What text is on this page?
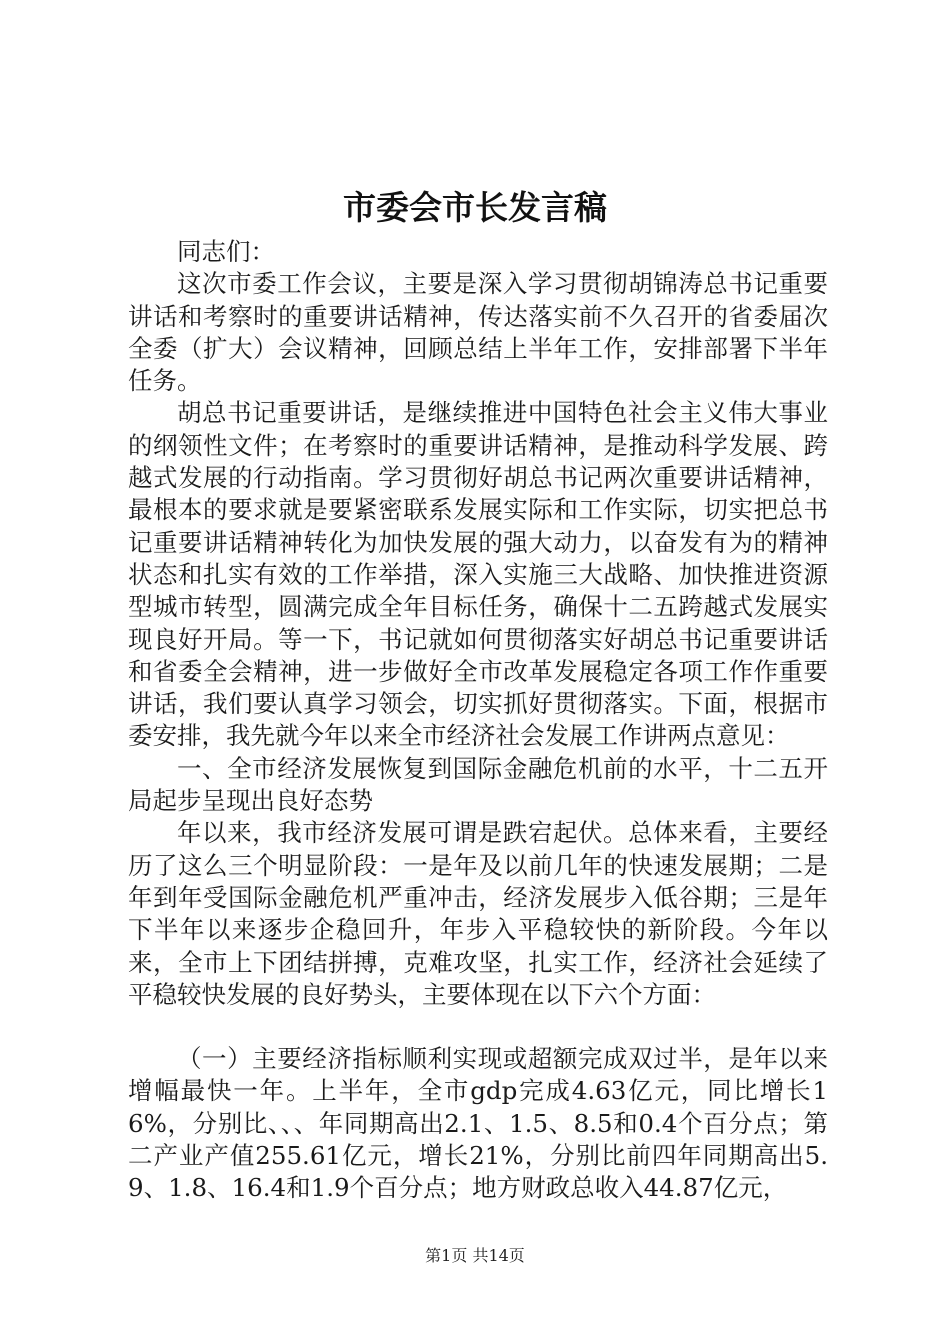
市委会市长发言稿

同志们：

这次市委工作会议，主要是深入学习贯彻胡锦涛总书记重要讲话和考察时的重要讲话精神，传达落实前不久召开的省委届次全委（扩大）会议精神，回顾总结上半年工作，安排部署下半年任务。

胡总书记重要讲话，是继续推进中国特色社会主义伟大事业的纲领性文件；在考察时的重要讲话精神，是推动科学发展、跨越式发展的行动指南。学习贯彻好胡总书记两次重要讲话精神，最根本的要求就是要紧密联系发展实际和工作实际，切实把总书记重要讲话精神转化为加快发展的强大动力，以奋发有为的精神状态和扎实有效的工作举措，深入实施三大战略、加快推进资源型城市转型，圆满完成全年目标任务，确保十二五跨越式发展实现良好开局。等一下，书记就如何贯彻落实好胡总书记重要讲话和省委全会精神，进一步做好全市改革发展稳定各项工作作重要讲话，我们要认真学习领会，切实抓好贯彻落实。下面，根据市委安排，我先就今年以来全市经济社会发展工作讲两点意见：

一、全市经济发展恢复到国际金融危机前的水平，十二五开局起步呈现出良好态势

年以来，我市经济发展可谓是跌宕起伏。总体来看，主要经历了这么三个明显阶段：一是年及以前几年的快速发展期；二是年到年受国际金融危机严重冲击，经济发展步入低谷期；三是年下半年以来逐步企稳回升，年步入平稳较快的新阶段。今年以来，全市上下团结拼搏，克难攻坚，扎实工作，经济社会延续了平稳较快发展的良好势头，主要体现在以下六个方面：

（一）主要经济指标顺利实现或超额完成双过半，是年以来增幅最快一年。上半年，全市gdp完成4.63亿元，同比增长16%，分别比、、、年同期高出2.1、1.5、8.5和0.4个百分点；第二产业产值255.61亿元，增长21%，分别比前四年同期高出5.9、1.8、16.4和1.9个百分点；地方财政总收入44.87亿元，

第1页 共14页
